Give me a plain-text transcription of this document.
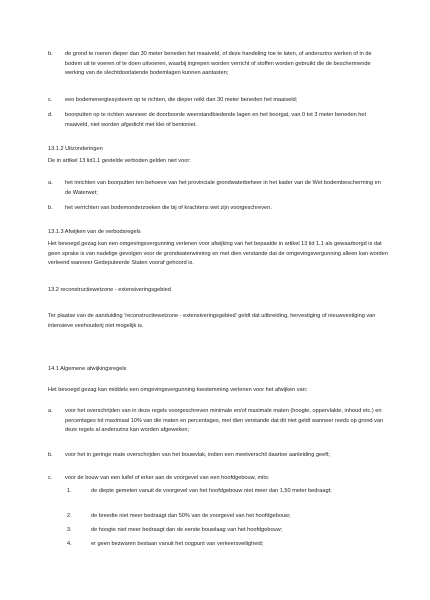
b. de grond te roeren dieper dan 30 meter beneden het maaiveld, of deze handeling toe te laten, of anderszins werken of in de bodem uit te voeren of te doen uitvoeren, waarbij ingrepen worden verricht of stoffen worden gebruikt die de beschermende werking van de slechtdoorlatende bodemlagen kunnen aantasten;
c. een bodemenergiesysteem op te richten, die dieper reikt dan 30 meter beneden het maaiveld;
d. boorputten op te richten wanneer de doorboorde weerstandbiedende lagen en het boorgat, van 0 tot 3 meter beneden het maaiveld, niet worden afgedicht met klei of bentoniet.
13.1.2 Uitzonderingen
De in artikel 13 lid1.1 gestelde verboden gelden niet voor:
a. het inrichten van boorputten ten behoeve van het provinciale grondwaterbeheer in het kader van de Wet bodembescherming en de Waterwet;
b. het verrichten van bodemonderzoeken die bij of krachtens wet zijn voorgeschreven.
13.1.3 Afwijken van de verbodsregels
Het bevoegd gezag kan een omgevingsvergunning verlenen voor afwijking van het bepaalde in artikel 13 lid 1.1 als gewaarborgd is dat geen sprake is van nadelige gevolgen voor de grondwaterwinning en met dien verstande dat de omgevingsvergunning alleen kan worden verleend wanneer Gedeputeerde Staten vooraf gehoord is.
13.2 reconstructiewetzone - extensiveringsgebied
Ter plaatse van de aanduiding 'reconstructiewetzone - extensiveringsgebied' geldt dat uitbreiding, hervestiging of nieuwvestiging van intensieve veehouderij niet mogelijk is.
14.1 Algemene afwijkingsregels
Het bevoegd gezag kan middels een omgevingsvergunning toestemming verlenen voor het afwijken van:
a. voor het overschrijden van in deze regels voorgeschreven minimale en/of maximale maten (hoogte, oppervlakte, inhoud etc.) en percentages tot maximaal 10% van die maten en percentages, met dien verstande dat dit niet geldt wanneer reeds op grond van deze regels al anderszins kan worden afgeweken;
b. voor het in geringe mate overschrijden van het bouwvlak, indien een meetverschil daartoe aanleiding geeft;
c. voor de bouw van een luifel of erker aan de voorgevel van een hoofdgebouw, mits:
1.	de diepte gemeten vanuit de voorgevel van het hoofdgebouw niet meer dan 1,50 meter bedraagt;
2.	de breedte niet meer bedraagt dan 50% van de voorgevel van het hoofdgebouw;
3.	de hoogte niet meer bedraagt dan de eerste bouwlaag van het hoofdgebouw;
4.	er geen bezwaren bestaan vanuit het oogpunt van verkeersveiligheid;
